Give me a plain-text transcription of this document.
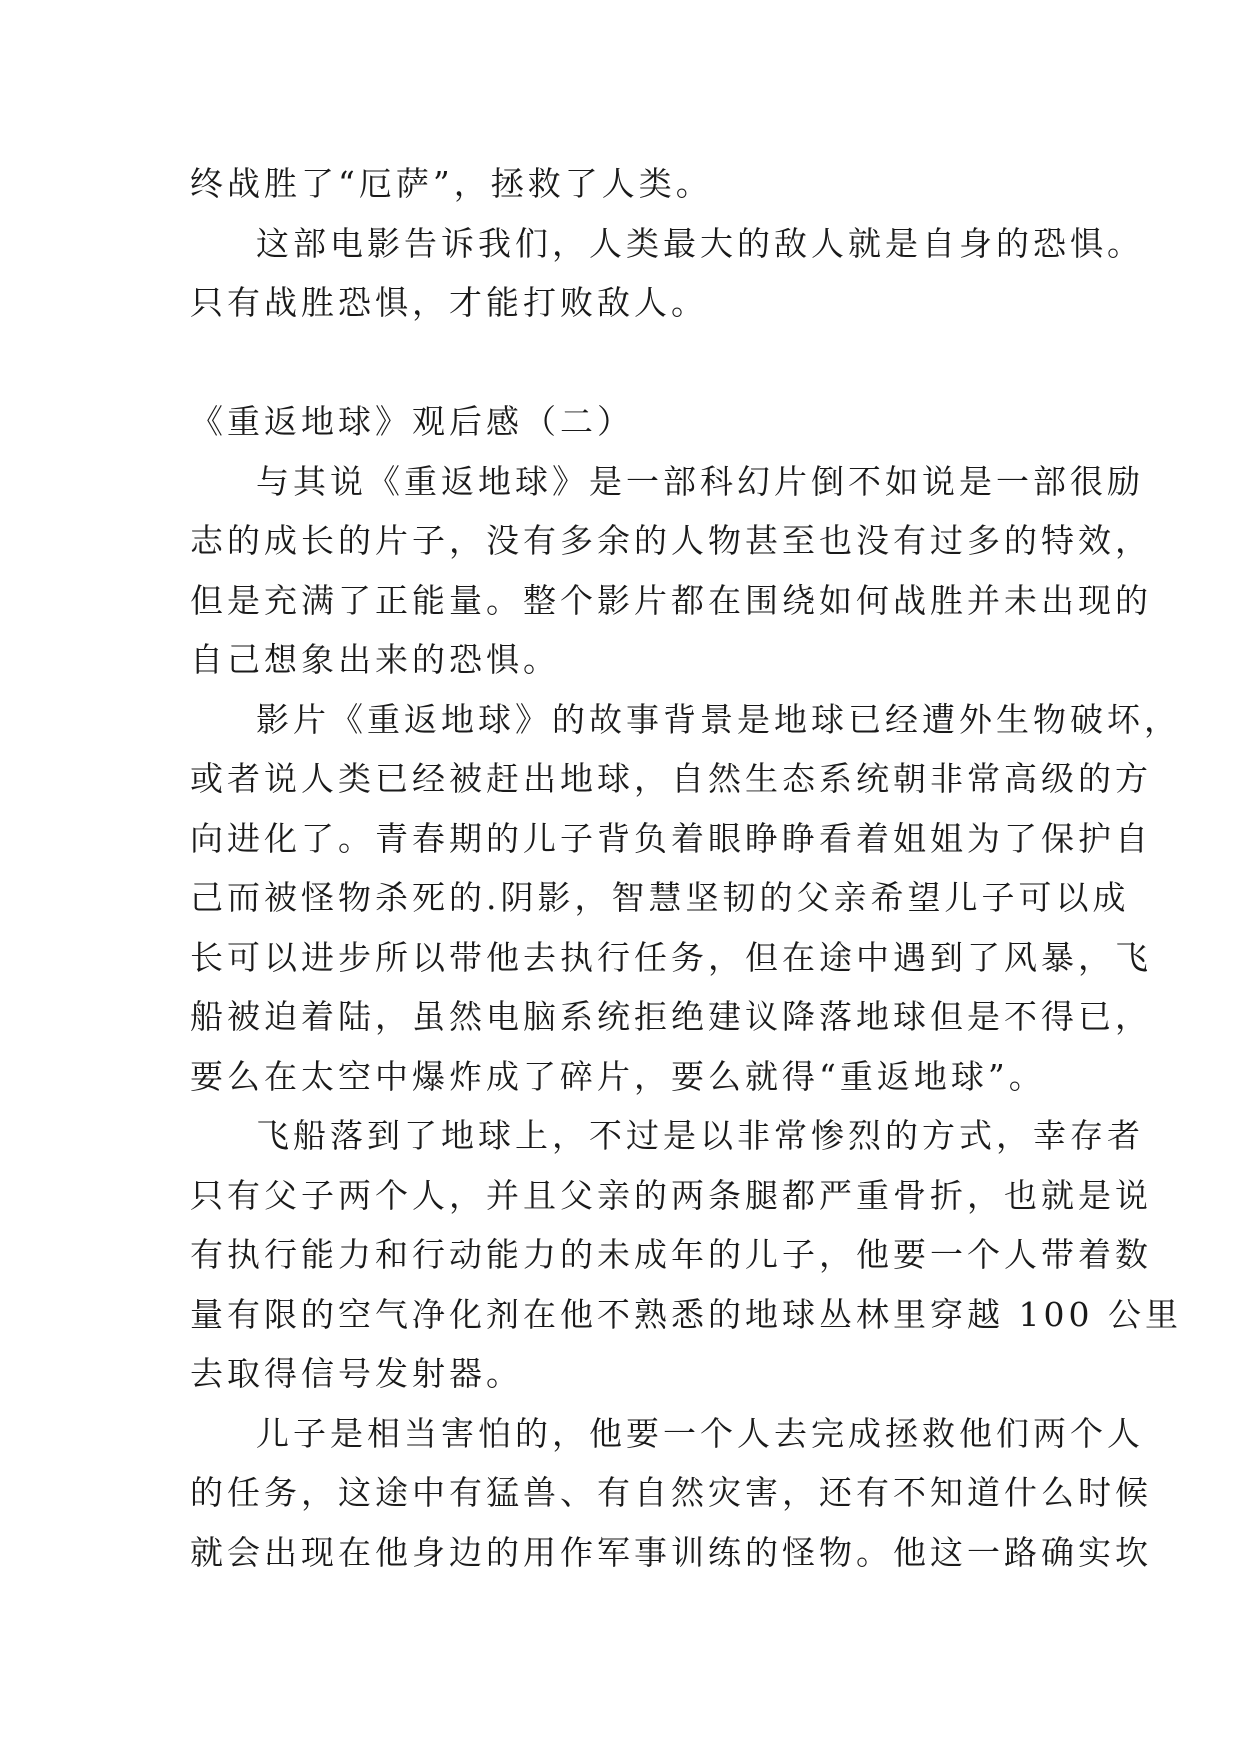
终战胜了“厄萨”，拯救了人类。
这部电影告诉我们，人类最大的敌人就是自身的恐惧。
只有战胜恐惧，才能打败敌人。
《重返地球》观后感（二）
与其说《重返地球》是一部科幻片倒不如说是一部很励
志的成长的片子，没有多余的人物甚至也没有过多的特效，
但是充满了正能量。整个影片都在围绕如何战胜并未出现的
自己想象出来的恐惧。
影片《重返地球》的故事背景是地球已经遭外生物破坏，
或者说人类已经被赶出地球，自然生态系统朝非常高级的方
向进化了。青春期的儿子背负着眼睁睁看着姐姐为了保护自
己而被怪物杀死的.阴影，智慧坚韧的父亲希望儿子可以成
长可以进步所以带他去执行任务，但在途中遇到了风暴，飞
船被迫着陆，虽然电脑系统拒绝建议降落地球但是不得已，
要么在太空中爆炸成了碎片，要么就得“重返地球”。
飞船落到了地球上，不过是以非常惨烈的方式，幸存者
只有父子两个人，并且父亲的两条腿都严重骨折，也就是说
有执行能力和行动能力的未成年的儿子，他要一个人带着数
量有限的空气净化剂在他不熟悉的地球丛林里穿越 100 公里
去取得信号发射器。
儿子是相当害怕的，他要一个人去完成拯救他们两个人
的任务，这途中有猛兽、有自然灾害，还有不知道什么时候
就会出现在他身边的用作军事训练的怪物。他这一路确实坎
